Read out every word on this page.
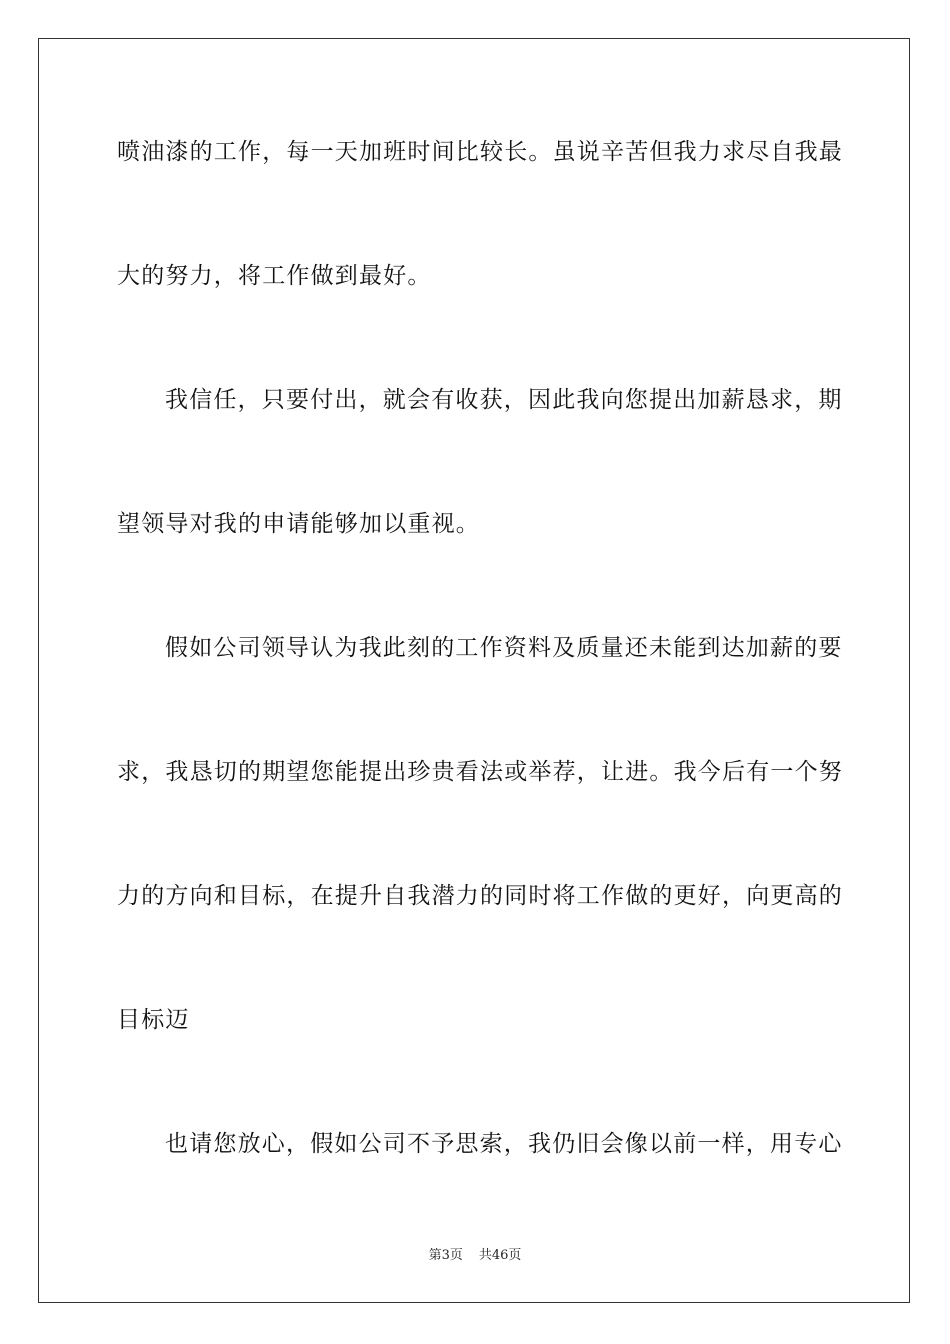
喷油漆的工作，每一天加班时间比较长。虽说辛苦但我力求尽自我最
大的努力，将工作做到最好。
我信任，只要付出，就会有收获，因此我向您提出加薪恳求，期
望领导对我的申请能够加以重视。
假如公司领导认为我此刻的工作资料及质量还未能到达加薪的要
求，我恳切的期望您能提出珍贵看法或举荐，让进。我今后有一个努
力的方向和目标，在提升自我潜力的同时将工作做的更好，向更高的
目标迈
也请您放心，假如公司不予思索，我仍旧会像以前一样，用专心
第3页 共46页
